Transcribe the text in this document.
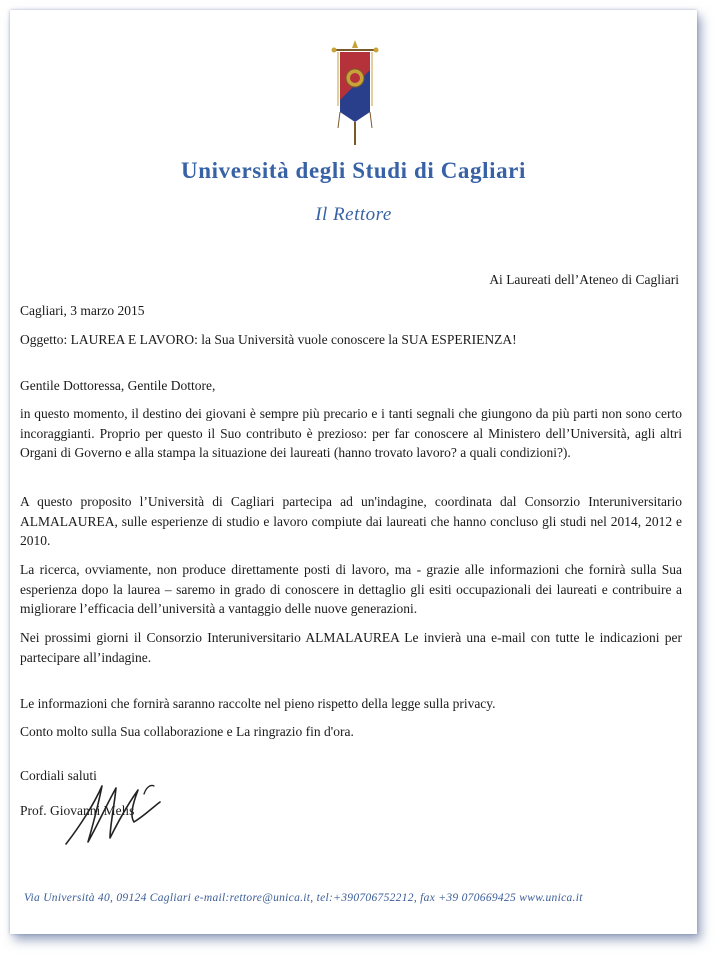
Università degli Studi di Cagliari
Il Rettore
Ai Laureati dell’Ateneo di Cagliari
Cagliari, 3 marzo 2015
Oggetto: LAUREA E LAVORO: la Sua Università vuole conoscere la SUA ESPERIENZA!
Gentile Dottoressa, Gentile Dottore,
in questo momento, il destino dei giovani è sempre più precario e i tanti segnali che giungono da più parti non sono certo incoraggianti. Proprio per questo il Suo contributo è prezioso: per far conoscere al Ministero dell’Università, agli altri Organi di Governo e alla stampa la situazione dei laureati (hanno trovato lavoro? a quali condizioni?).
A questo proposito l’Università di Cagliari partecipa ad un'indagine, coordinata dal Consorzio Interuniversitario ALMALAUREA, sulle esperienze di studio e lavoro compiute dai laureati che hanno concluso gli studi nel 2014, 2012 e 2010.
La ricerca, ovviamente, non produce direttamente posti di lavoro, ma - grazie alle informazioni che fornirà sulla Sua esperienza dopo la laurea – saremo in grado di conoscere in dettaglio gli esiti occupazionali dei laureati e contribuire a migliorare l’efficacia dell’università a vantaggio delle nuove generazioni.
Nei prossimi giorni il Consorzio Interuniversitario ALMALAUREA Le invierà una e-mail con tutte le indicazioni per partecipare all’indagine.
Le informazioni che fornirà saranno raccolte nel pieno rispetto della legge sulla privacy.
Conto molto sulla Sua collaborazione e La ringrazio fin d'ora.
Cordiali saluti
Prof. Giovanni Melis
Via Università 40, 09124 Cagliari e-mail:rettore@unica.it, tel:+390706752212, fax +39 070669425 www.unica.it
